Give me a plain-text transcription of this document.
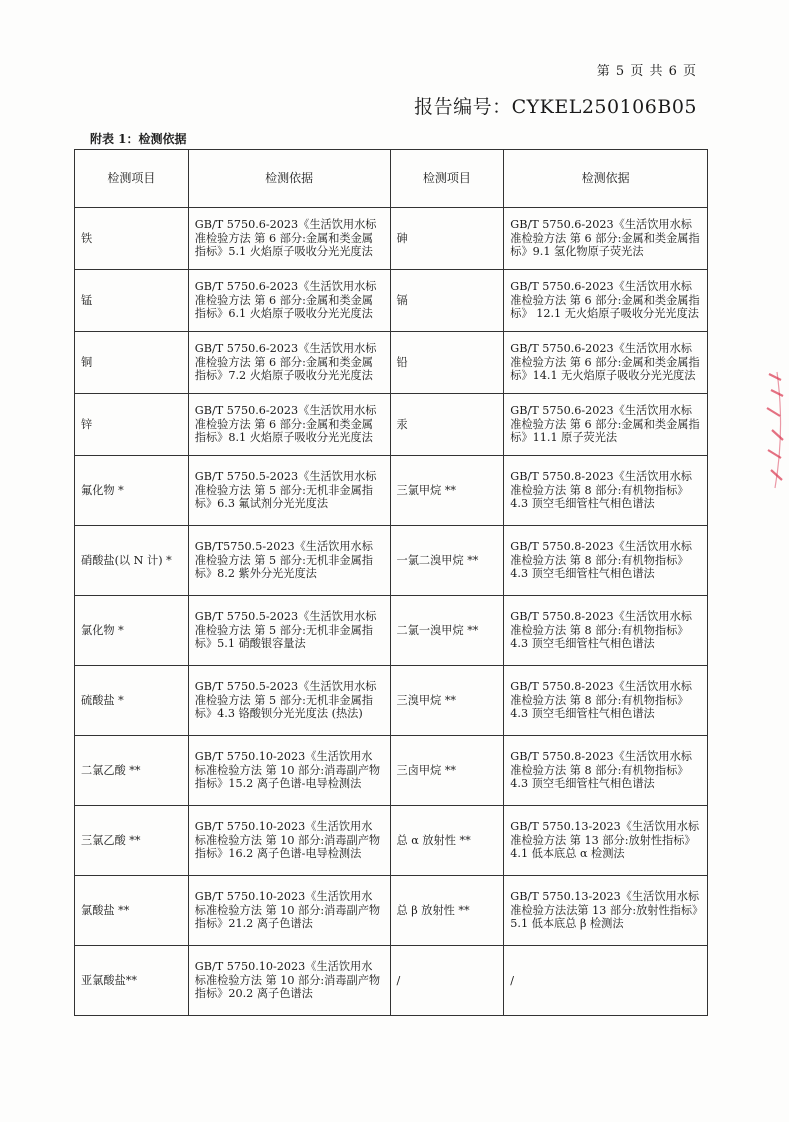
第 5 页 共 6 页
报告编号：CYKEL250106B05
附表 1：检测依据
检测项目	检测依据	检测项目	检测依据
铁	GB/T 5750.6-2023《生活饮用水标准检验方法 第 6 部分:金属和类金属指标》5.1 火焰原子吸收分光光度法	砷	GB/T 5750.6-2023《生活饮用水标准检验方法 第 6 部分:金属和类金属指标》9.1 氢化物原子荧光法
锰	GB/T 5750.6-2023《生活饮用水标准检验方法 第 6 部分:金属和类金属指标》6.1 火焰原子吸收分光光度法	镉	GB/T 5750.6-2023《生活饮用水标准检验方法 第 6 部分:金属和类金属指标》 12.1 无火焰原子吸收分光光度法
铜	GB/T 5750.6-2023《生活饮用水标准检验方法 第 6 部分:金属和类金属指标》7.2 火焰原子吸收分光光度法	铅	GB/T 5750.6-2023《生活饮用水标准检验方法 第 6 部分:金属和类金属指标》14.1 无火焰原子吸收分光光度法
锌	GB/T 5750.6-2023《生活饮用水标准检验方法 第 6 部分:金属和类金属指标》8.1 火焰原子吸收分光光度法	汞	GB/T 5750.6-2023《生活饮用水标准检验方法 第 6 部分:金属和类金属指标》11.1 原子荧光法
氟化物 *	GB/T 5750.5-2023《生活饮用水标准检验方法 第 5 部分:无机非金属指标》6.3 氟试剂分光光度法	三氯甲烷 **	GB/T 5750.8-2023《生活饮用水标准检验方法 第 8 部分:有机物指标》4.3 顶空毛细管柱气相色谱法
硝酸盐(以 N 计) *	GB/T5750.5-2023《生活饮用水标准检验方法 第 5 部分:无机非金属指标》8.2 紫外分光光度法	一氯二溴甲烷 **	GB/T 5750.8-2023《生活饮用水标准检验方法 第 8 部分:有机物指标》4.3 顶空毛细管柱气相色谱法
氯化物 *	GB/T 5750.5-2023《生活饮用水标准检验方法 第 5 部分:无机非金属指标》5.1 硝酸银容量法	二氯一溴甲烷 **	GB/T 5750.8-2023《生活饮用水标准检验方法 第 8 部分:有机物指标》4.3 顶空毛细管柱气相色谱法
硫酸盐 *	GB/T 5750.5-2023《生活饮用水标准检验方法 第 5 部分:无机非金属指标》4.3 铬酸钡分光光度法 (热法)	三溴甲烷 **	GB/T 5750.8-2023《生活饮用水标准检验方法 第 8 部分:有机物指标》4.3 顶空毛细管柱气相色谱法
二氯乙酸 **	GB/T 5750.10-2023《生活饮用水标准检验方法 第 10 部分:消毒副产物指标》15.2 离子色谱-电导检测法	三卤甲烷 **	GB/T 5750.8-2023《生活饮用水标准检验方法 第 8 部分:有机物指标》4.3 顶空毛细管柱气相色谱法
三氯乙酸 **	GB/T 5750.10-2023《生活饮用水标准检验方法 第 10 部分:消毒副产物指标》16.2 离子色谱-电导检测法	总 α 放射性 **	GB/T 5750.13-2023《生活饮用水标准检验方法 第 13 部分:放射性指标》4.1 低本底总 α 检测法
氯酸盐 **	GB/T 5750.10-2023《生活饮用水标准检验方法 第 10 部分:消毒副产物指标》21.2 离子色谱法	总 β 放射性 **	GB/T 5750.13-2023《生活饮用水标准检验方法法第 13 部分:放射性指标》5.1 低本底总 β 检测法
亚氯酸盐**	GB/T 5750.10-2023《生活饮用水标准检验方法 第 10 部分:消毒副产物指标》20.2 离子色谱法	/	/
